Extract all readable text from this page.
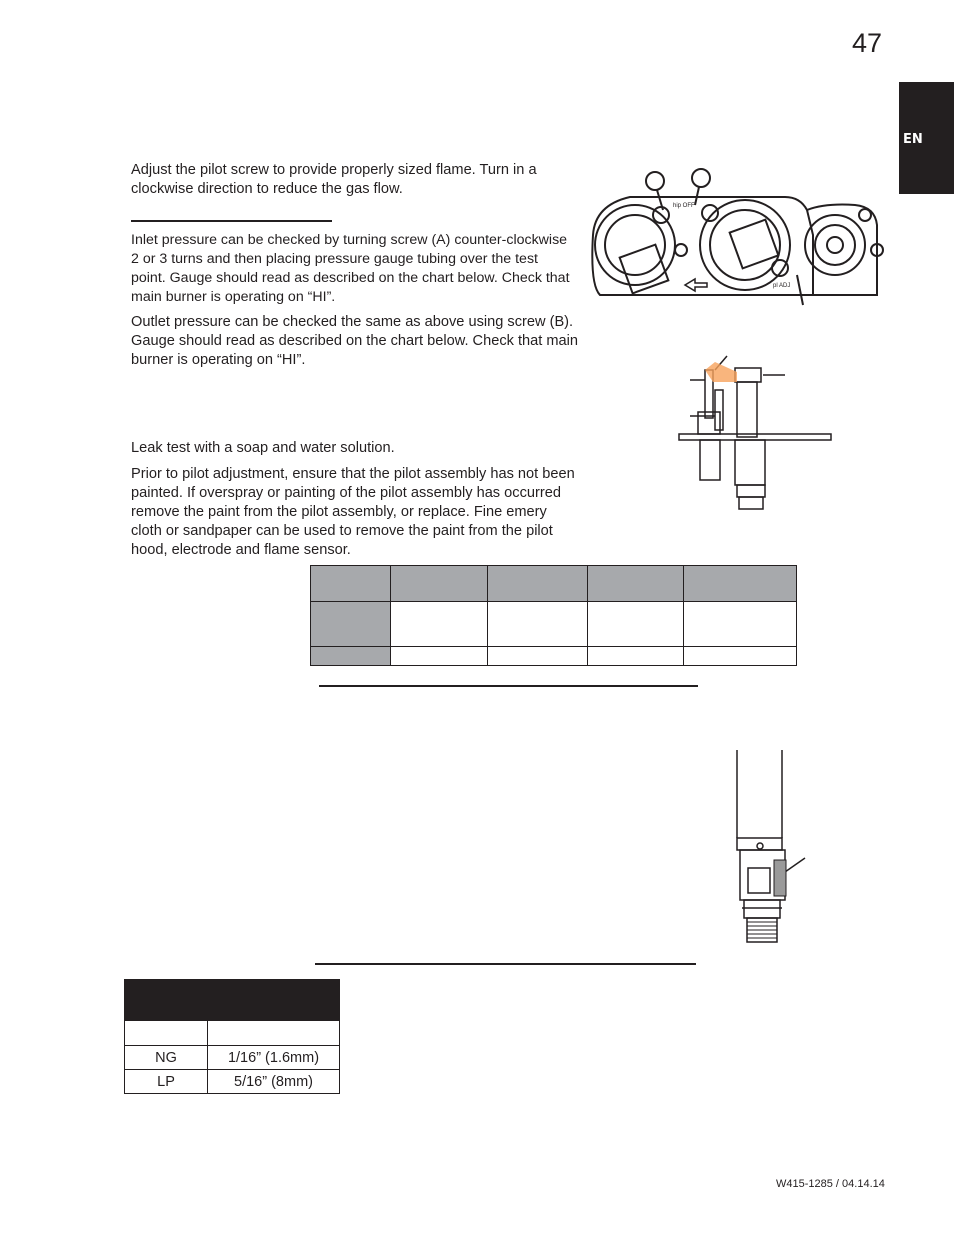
47
EN

Adjust the pilot screw to provide properly sized flame. Turn in a clockwise direction to reduce the gas flow.

Inlet pressure can be checked by turning screw (A) counter-clockwise 2 or 3 turns and then placing pressure gauge tubing over the test point. Gauge should read as described on the chart below. Check that main burner is operating on “HI”.

Outlet pressure can be checked the same as above using screw (B). Gauge should read as described on the chart below. Check that main burner is operating on “HI”.

Leak test with a soap and water solution.

Prior to pilot adjustment, ensure that the pilot assembly has not been painted. If overspray or painting of the pilot assembly has occurred remove the paint from the pilot assembly, or replace. Fine emery cloth or sandpaper can be used to remove the paint from the pilot hood, electrode and flame sensor.

hip OFF
pl ADJ

NG	1/16” (1.6mm)
LP	5/16” (8mm)
W415-1285 / 04.14.14
